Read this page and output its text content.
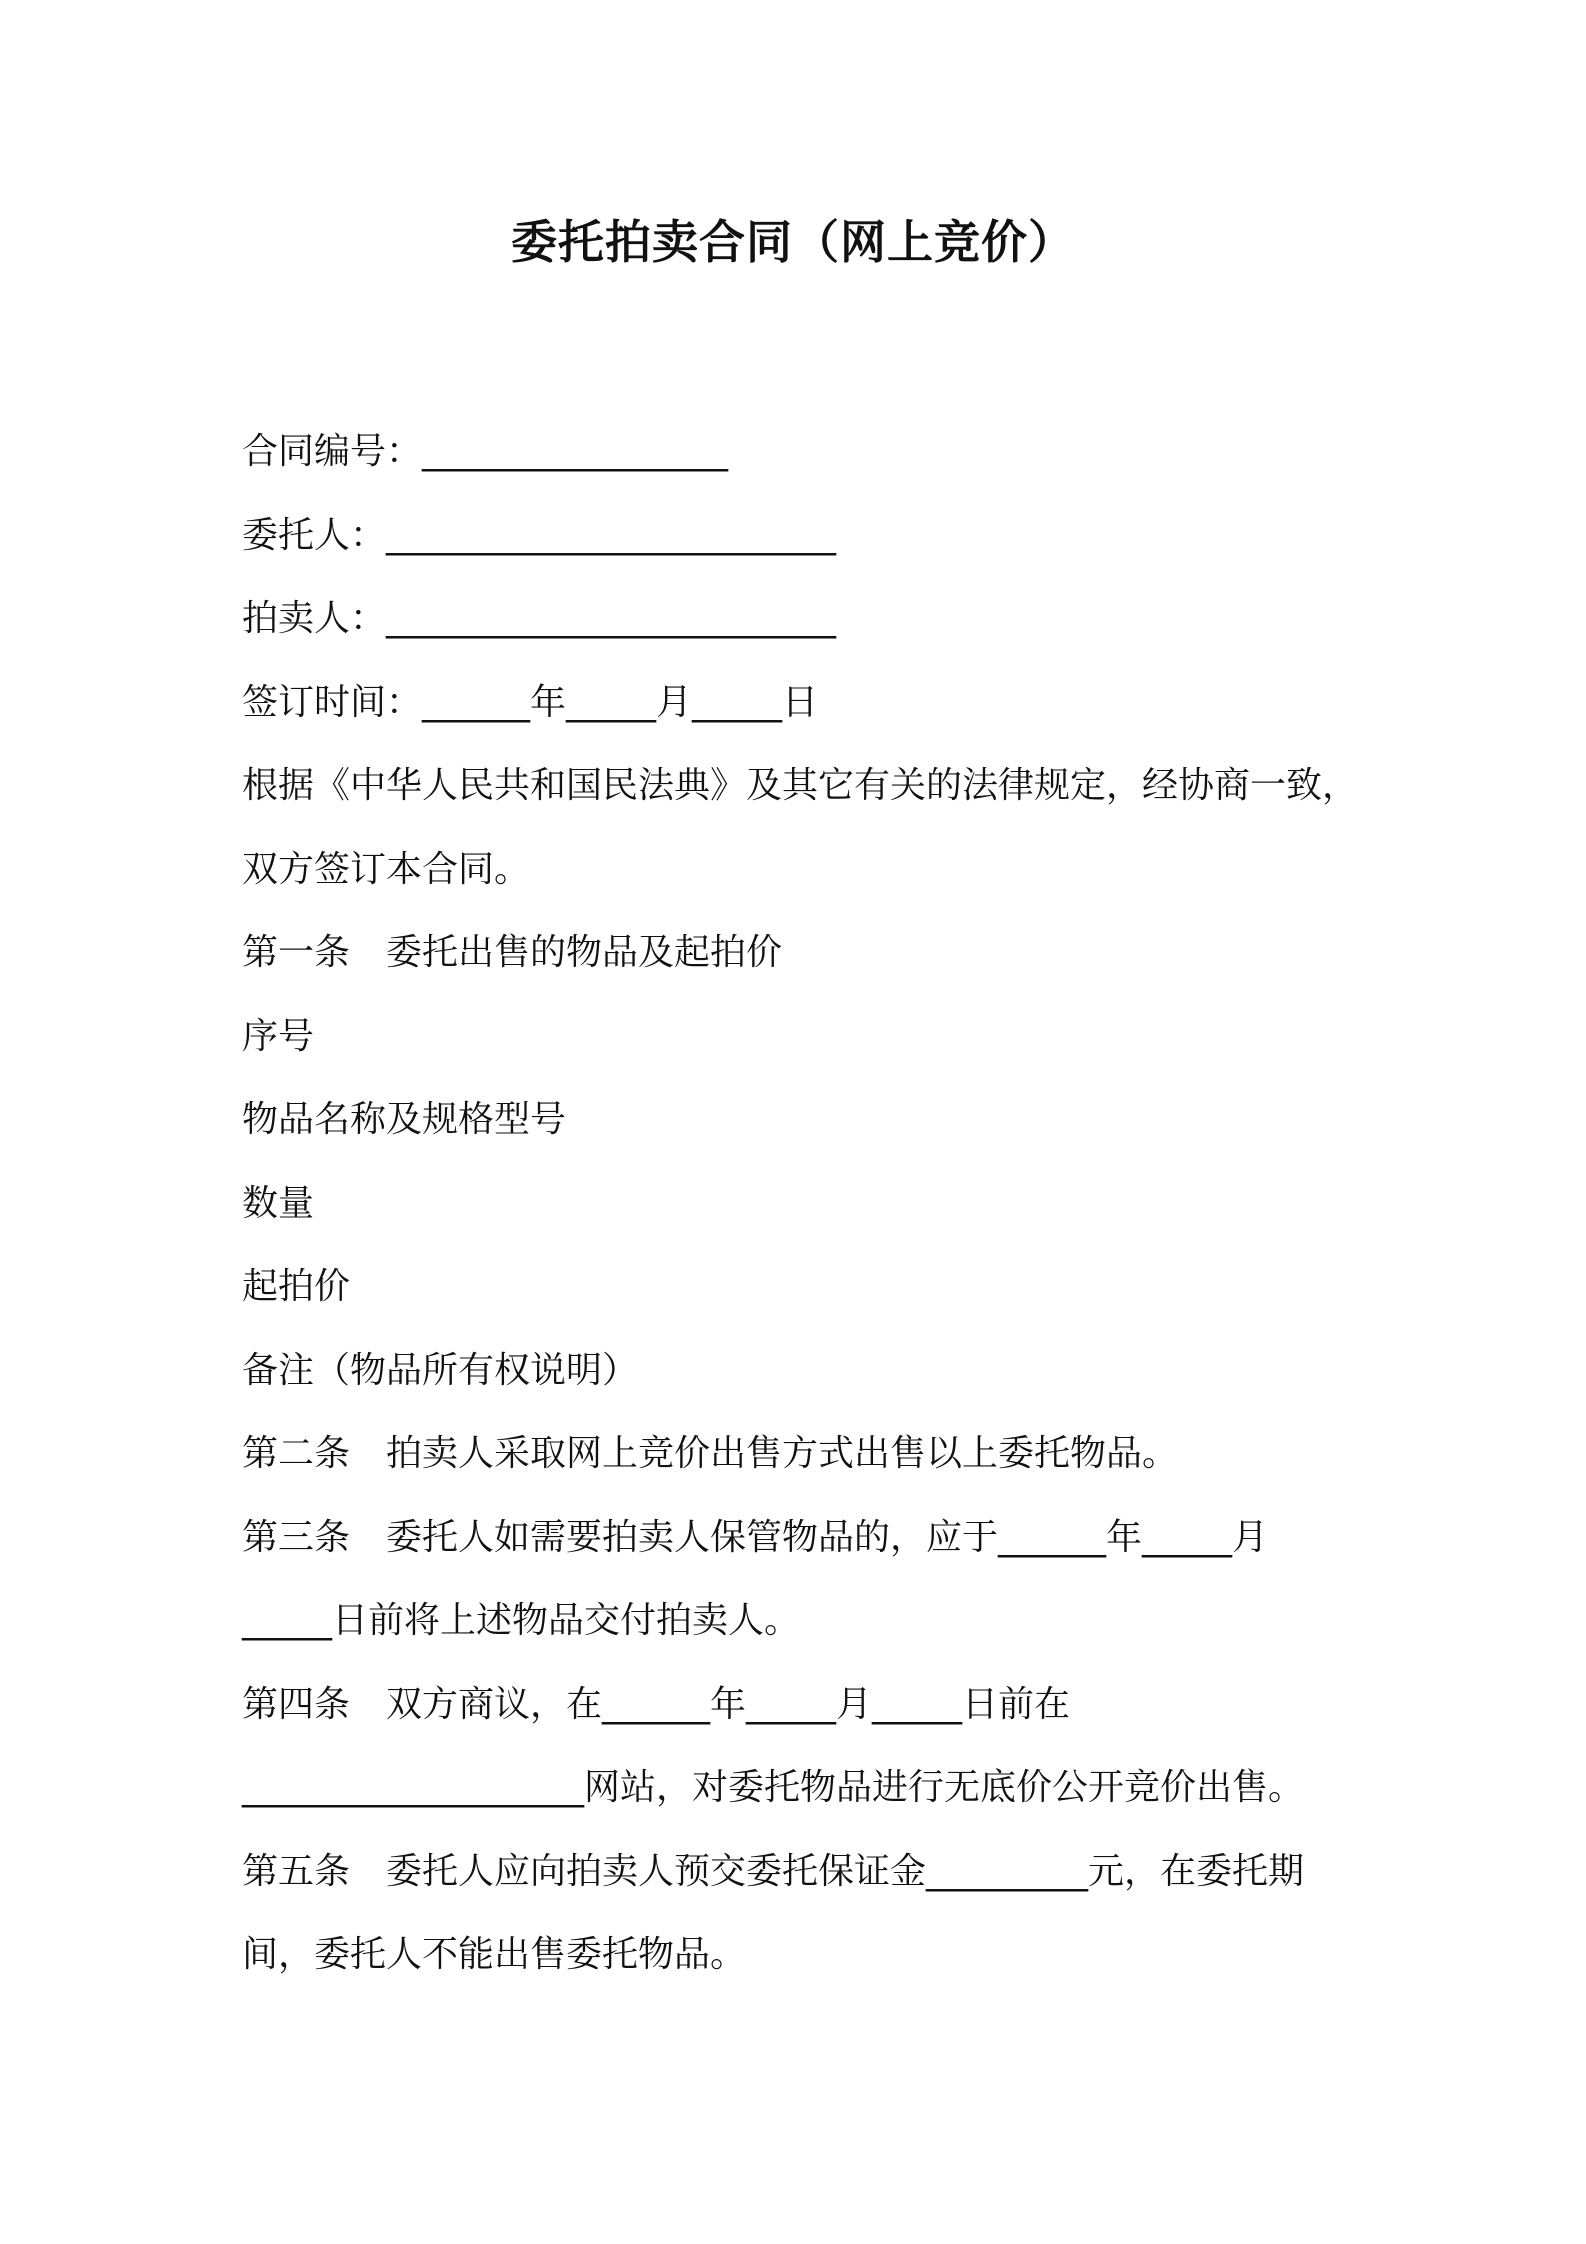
委托拍卖合同（网上竞价）
合同编号：_________________
委托人：_________________________
拍卖人：_________________________
签订时间：______年_____月_____日
根据《中华人民共和国民法典》及其它有关的法律规定，经协商一致，
双方签订本合同。
第一条　委托出售的物品及起拍价
序号
物品名称及规格型号
数量
起拍价
备注（物品所有权说明）
第二条　拍卖人采取网上竞价出售方式出售以上委托物品。
第三条　委托人如需要拍卖人保管物品的，应于______年_____月
_____日前将上述物品交付拍卖人。
第四条　双方商议，在______年_____月_____日前在
___________________网站，对委托物品进行无底价公开竞价出售。
第五条　委托人应向拍卖人预交委托保证金_________元，在委托期
间，委托人不能出售委托物品。
